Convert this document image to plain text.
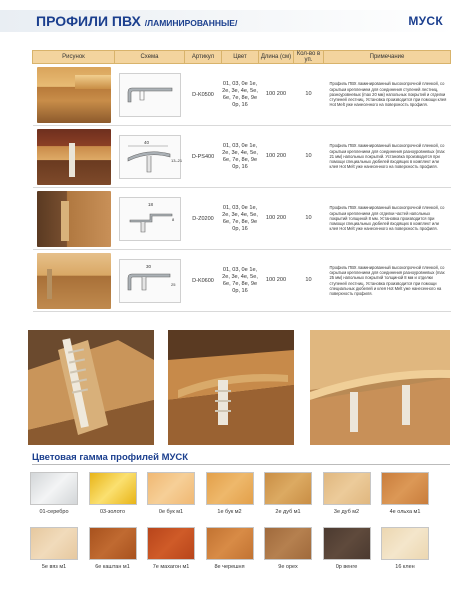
ПРОФИЛИ ПВХ /ЛАМИНИРОВАННЫЕ/	МУСК
Рисунок	Схема	Артикул	Цвет	Длина (см)	Кол-во в уп.	Примечание

	D-K0500	01, 03, 0е 1е, 2е, 3е, 4е, 5е, 6е, 7е, 8е, 9е 0р, 16	100 200	10	Профиль ПВХ ламинированный высокопрочной пленкой, со скрытым креплением для соединения ступеней лестниц, разноуровневых (max 20 мм) напольных покрытий и отделки ступеней лестниц. Установка производится при помощи клея Hot Melt уже нанесенного на поверхность профиля.

40
13–21	D-PS400	01, 03, 0е 1е, 2е, 3е, 4е, 5е, 6е, 7е, 8е, 9е 0р, 16	100 200	10	Профиль ПВХ ламинированный высокопрочной пленкой, со скрытым креплением для соединения разноуровневых (max 21 мм) напольных покрытий. Установка производится при помощи специальных дюбелей входящих в комплект или клея Hot Melt уже нанесенного на поверхность профиля.

18
8	D-Z0200	01, 03, 0е 1е, 2е, 3е, 4е, 5е, 6е, 7е, 8е, 9е 0р, 16	100 200	10	Профиль ПВХ ламинированный высокопрочной пленкой, со скрытым креплением для отделки частей напольных покрытий толщиной 8 мм. Установка производится при помощи специальных дюбелей входящих в комплект или клея Hot Melt уже нанесенного на поверхность профиля.

30
25	D-K0600	01, 03, 0е 1е, 2е, 3е, 4е, 5е, 6е, 7е, 8е, 9е 0р, 16	100 200	10	Профиль ПВХ ламинированный высокопрочной пленкой, со скрытым креплением для соединения разноуровневых (max 25 мм) напольных покрытий толщиной 8 мм и отделки ступеней лестниц. Установка производится при помощи специальных дюбелей и клея Hot Melt уже нанесенного на поверхность профиля.
Цветовая гамма профилей МУСК
01-серебро	03-золото	0е бук м1	1е бук м2	2е дуб м1	3е дуб м2	4е ольха м1
5е вяз м1	6е каштан м1	7е махагон м1	8е черешня	9е орех	0р венге	16 клен
